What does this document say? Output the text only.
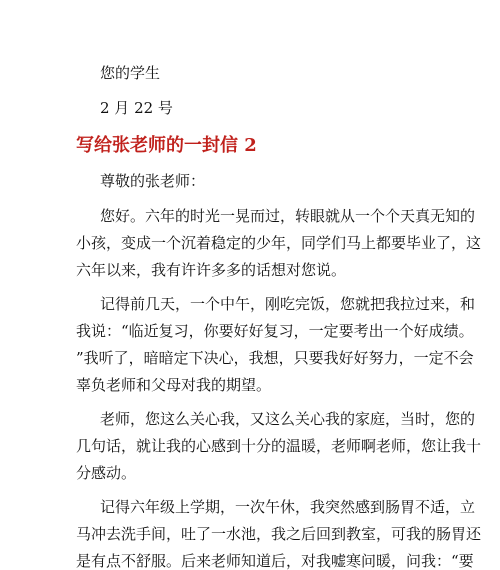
您的学生
2 月 22 号
写给张老师的一封信 2
尊敬的张老师：
您好。六年的时光一晃而过，转眼就从一个个天真无知的
小孩，变成一个沉着稳定的少年，同学们马上都要毕业了，这
六年以来，我有许许多多的话想对您说。
记得前几天，一个中午，刚吃完饭，您就把我拉过来，和
我说：“临近复习，你要好好复习，一定要考出一个好成绩。
”我听了，暗暗定下决心，我想，只要我好好努力，一定不会
辜负老师和父母对我的期望。
老师，您这么关心我，又这么关心我的家庭，当时，您的
几句话，就让我的心感到十分的温暖，老师啊老师，您让我十
分感动。
记得六年级上学期，一次午休，我突然感到肠胃不适，立
马冲去洗手间，吐了一水池，我之后回到教室，可我的肠胃还
是有点不舒服。后来老师知道后，对我嘘寒问暖，问我：“要
